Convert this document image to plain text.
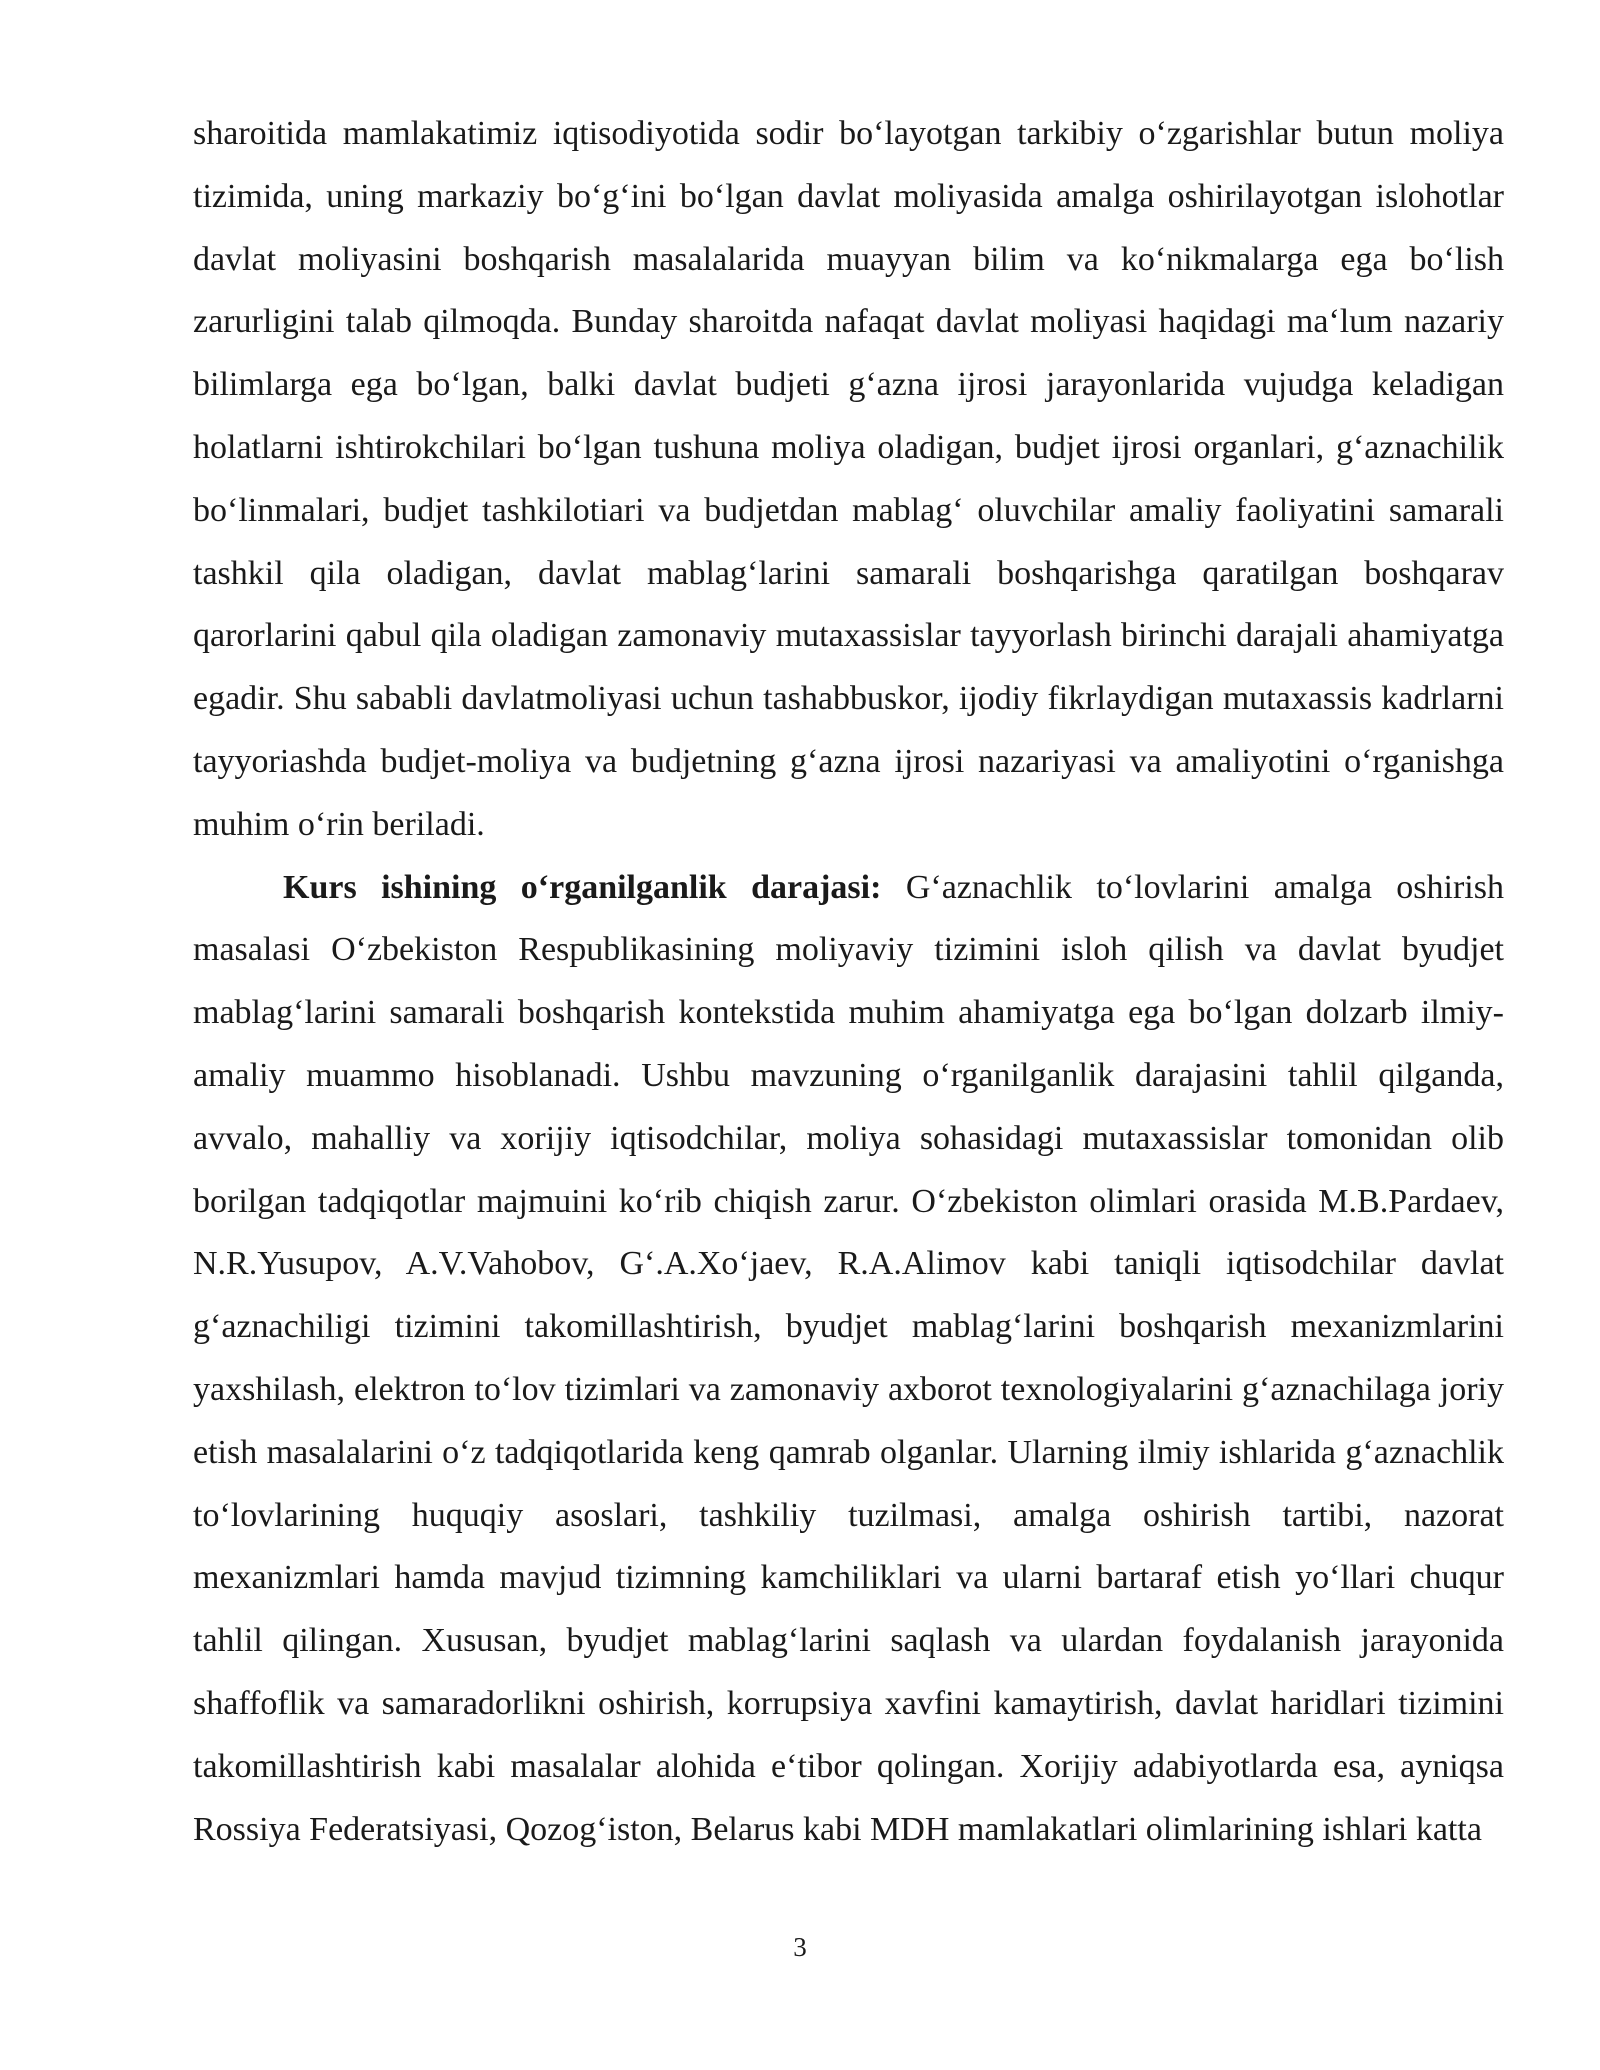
sharoitida mamlakatimiz iqtisodiyotida sodir bo‘layotgan tarkibiy o‘zgarishlar butun moliya tizimida, uning markaziy bo‘g‘ini bo‘lgan davlat moliyasida amalga oshirilayotgan islohotlar davlat moliyasini boshqarish masalalarida muayyan bilim va ko‘nikmalarga ega bo‘lish zarurligini talab qilmoqda. Bunday sharoitda nafaqat davlat moliyasi haqidagi ma‘lum nazariy bilimlarga ega bo‘lgan, balki davlat budjeti g‘azna ijrosi jarayonlarida vujudga keladigan holatlarni ishtirokchilari bo‘lgan tushuna moliya oladigan, budjet ijrosi organlari, g‘aznachilik bo‘linmalari, budjet tashkilotiari va budjetdan mablag‘ oluvchilar amaliy faoliyatini samarali tashkil qila oladigan, davlat mablag‘larini samarali boshqarishga qaratilgan boshqarav qarorlarini qabul qila oladigan zamonaviy mutaxassislar tayyorlash birinchi darajali ahamiyatga egadir. Shu sababli davlatmoliyasi uchun tashabbuskor, ijodiy fikrlaydigan mutaxassis kadrlarni tayyoriashda budjet-moliya va budjetning g‘azna ijrosi nazariyasi va amaliyotini o‘rganishga muhim o‘rin beriladi.

Kurs ishining o‘rganilganlik darajasi: G‘aznachlik to‘lovlarini amalga oshirish masalasi O‘zbekiston Respublikasining moliyaviy tizimini isloh qilish va davlat byudjet mablag‘larini samarali boshqarish kontekstida muhim ahamiyatga ega bo‘lgan dolzarb ilmiy-amaliy muammo hisoblanadi. Ushbu mavzuning o‘rganilganlik darajasini tahlil qilganda, avvalo, mahalliy va xorijiy iqtisodchilar, moliya sohasidagi mutaxassislar tomonidan olib borilgan tadqiqotlar majmuini ko‘rib chiqish zarur. O‘zbekiston olimlari orasida M.B.Pardaev, N.R.Yusupov, A.V.Vahobov, G‘.A.Xo‘jaev, R.A.Alimov kabi taniqli iqtisodchilar davlat g‘aznachiligi tizimini takomillashtirish, byudjet mablag‘larini boshqarish mexanizmlarini yaxshilash, elektron to‘lov tizimlari va zamonaviy axborot texnologiyalarini g‘aznachilaga joriy etish masalalarini o‘z tadqiqotlarida keng qamrab olganlar. Ularning ilmiy ishlarida g‘aznachlik to‘lovlarining huquqiy asoslari, tashkiliy tuzilmasi, amalga oshirish tartibi, nazorat mexanizmlari hamda mavjud tizimning kamchiliklari va ularni bartaraf etish yo‘llari chuqur tahlil qilingan. Xususan, byudjet mablag‘larini saqlash va ulardan foydalanish jarayonida shaffoflik va samaradorlikni oshirish, korrupsiya xavfini kamaytirish, davlat haridlari tizimini takomillashtirish kabi masalalar alohida e‘tibor qolingan. Xorijiy adabiyotlarda esa, ayniqsa Rossiya Federatsiyasi, Qozog‘iston, Belarus kabi MDH mamlakatlari olimlarining ishlari katta

3
